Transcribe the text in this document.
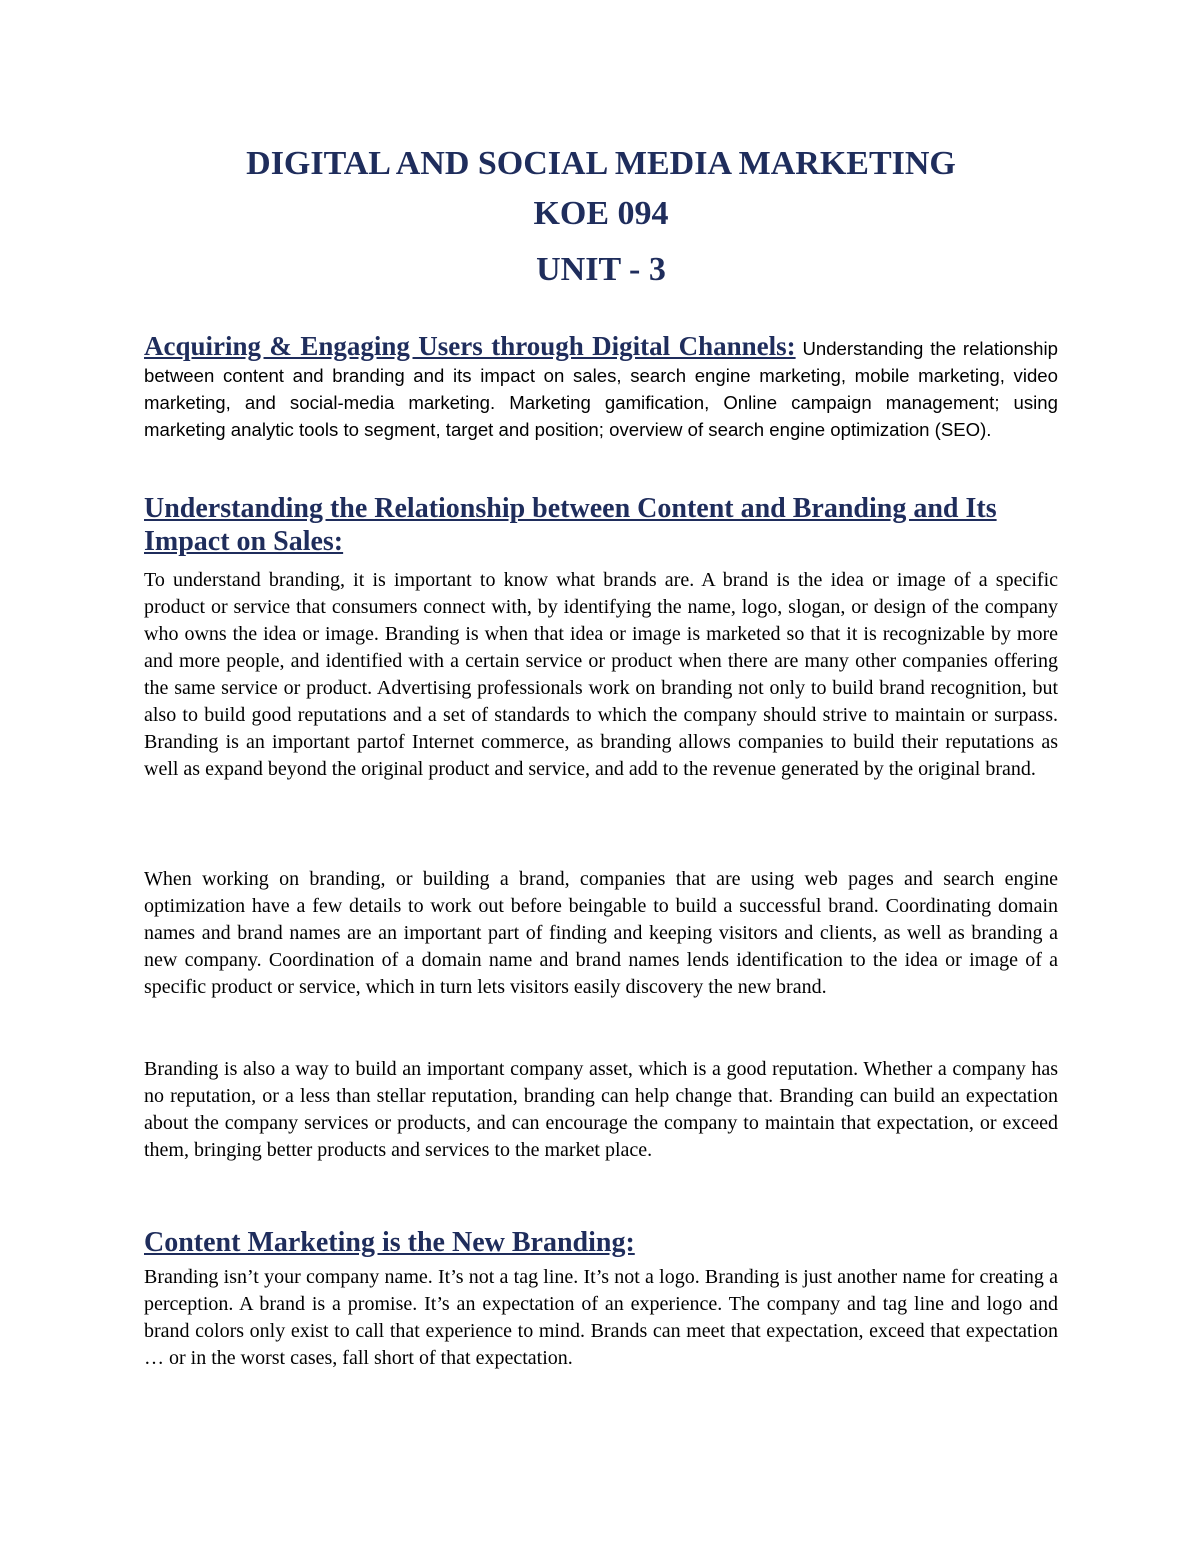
DIGITAL AND SOCIAL MEDIA MARKETING
KOE 094
UNIT - 3

Acquiring & Engaging Users through Digital Channels: Understanding the relationship between content and branding and its impact on sales, search engine marketing, mobile marketing, video marketing, and social-media marketing. Marketing gamification, Online campaign management; using marketing analytic tools to segment, target and position; overview of search engine optimization (SEO).

Understanding the Relationship between Content and Branding and Its Impact on Sales:

To understand branding, it is important to know what brands are. A brand is the idea or image of a specific product or service that consumers connect with, by identifying the name, logo, slogan, or design of the company who owns the idea or image. Branding is when that idea or image is marketed so that it is recognizable by more and more people, and identified with a certain service or product when there are many other companies offering the same service or product. Advertising professionals work on branding not only to build brand recognition, but also to build good reputations and a set of standards to which the company should strive to maintain or surpass. Branding is an important partof Internet commerce, as branding allows companies to build their reputations as well as expand beyond the original product and service, and add to the revenue generated by the original brand.

When working on branding, or building a brand, companies that are using web pages and search engine optimization have a few details to work out before beingable to build a successful brand. Coordinating domain names and brand names are an important part of finding and keeping visitors and clients, as well as branding a new company. Coordination of a domain name and brand names lends identification to the idea or image of a specific product or service, which in turn lets visitors easily discovery the new brand.

Branding is also a way to build an important company asset, which is a good reputation. Whether a company has no reputation, or a less than stellar reputation, branding can help change that. Branding can build an expectation about the company services or products, and can encourage the company to maintain that expectation, or exceed them, bringing better products and services to the market place.

Content Marketing is the New Branding:

Branding isn’t your company name. It’s not a tag line. It’s not a logo. Branding is just another name for creating a perception. A brand is a promise. It’s an expectation of an experience. The company and tag line and logo and brand colors only exist to call that experience to mind. Brands can meet that expectation, exceed that expectation … or in the worst cases, fall short of that expectation.
